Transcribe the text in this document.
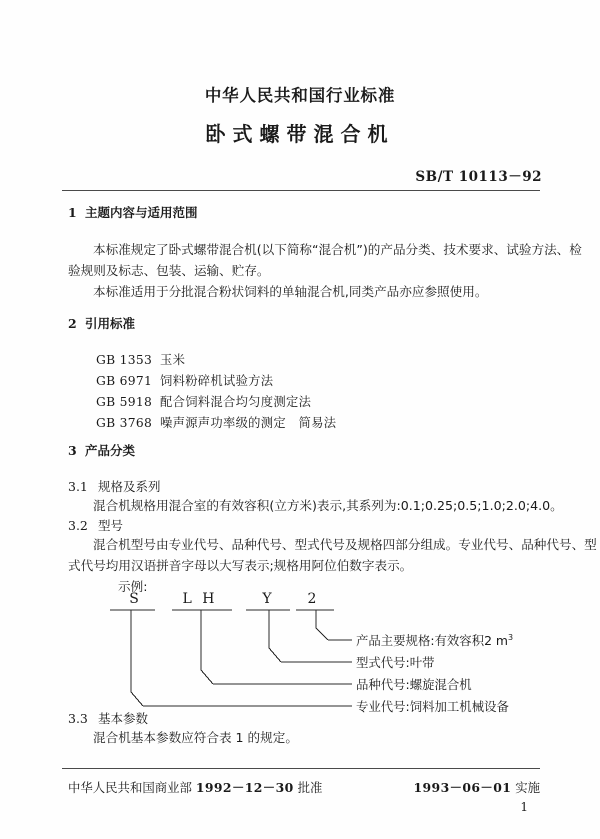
中华人民共和国行业标准
卧式螺带混合机
SB/T 10113－92
1 主题内容与适用范围
本标准规定了卧式螺带混合机(以下简称“混合机”)的产品分类、技术要求、试验方法、检
验规则及标志、包装、运输、贮存。
本标准适用于分批混合粉状饲料的单轴混合机,同类产品亦应参照使用。
2 引用标准
GB 1353 玉米
GB 6971 饲料粉碎机试验方法
GB 5918 配合饲料混合均匀度测定法
GB 3768 噪声源声功率级的测定　简易法
3 产品分类
3.1 规格及系列
混合机规格用混合室的有效容积(立方米)表示,其系列为:0.1;0.25;0.5;1.0;2.0;4.0。
3.2 型号
混合机型号由专业代号、品种代号、型式代号及规格四部分组成。专业代号、品种代号、型
式代号均用汉语拼音字母以大写表示;规格用阿位伯数字表示。
示例:
S	L H	Y	2
产品主要规格:有效容积2 $m^3$
型式代号:叶带
品种代号:螺旋混合机
专业代号:饲料加工机械设备
3.3 基本参数
混合机基本参数应符合表 1 的规定。
中华人民共和国商业部 1992－12－30 批准	1993－06－01 实施
1
